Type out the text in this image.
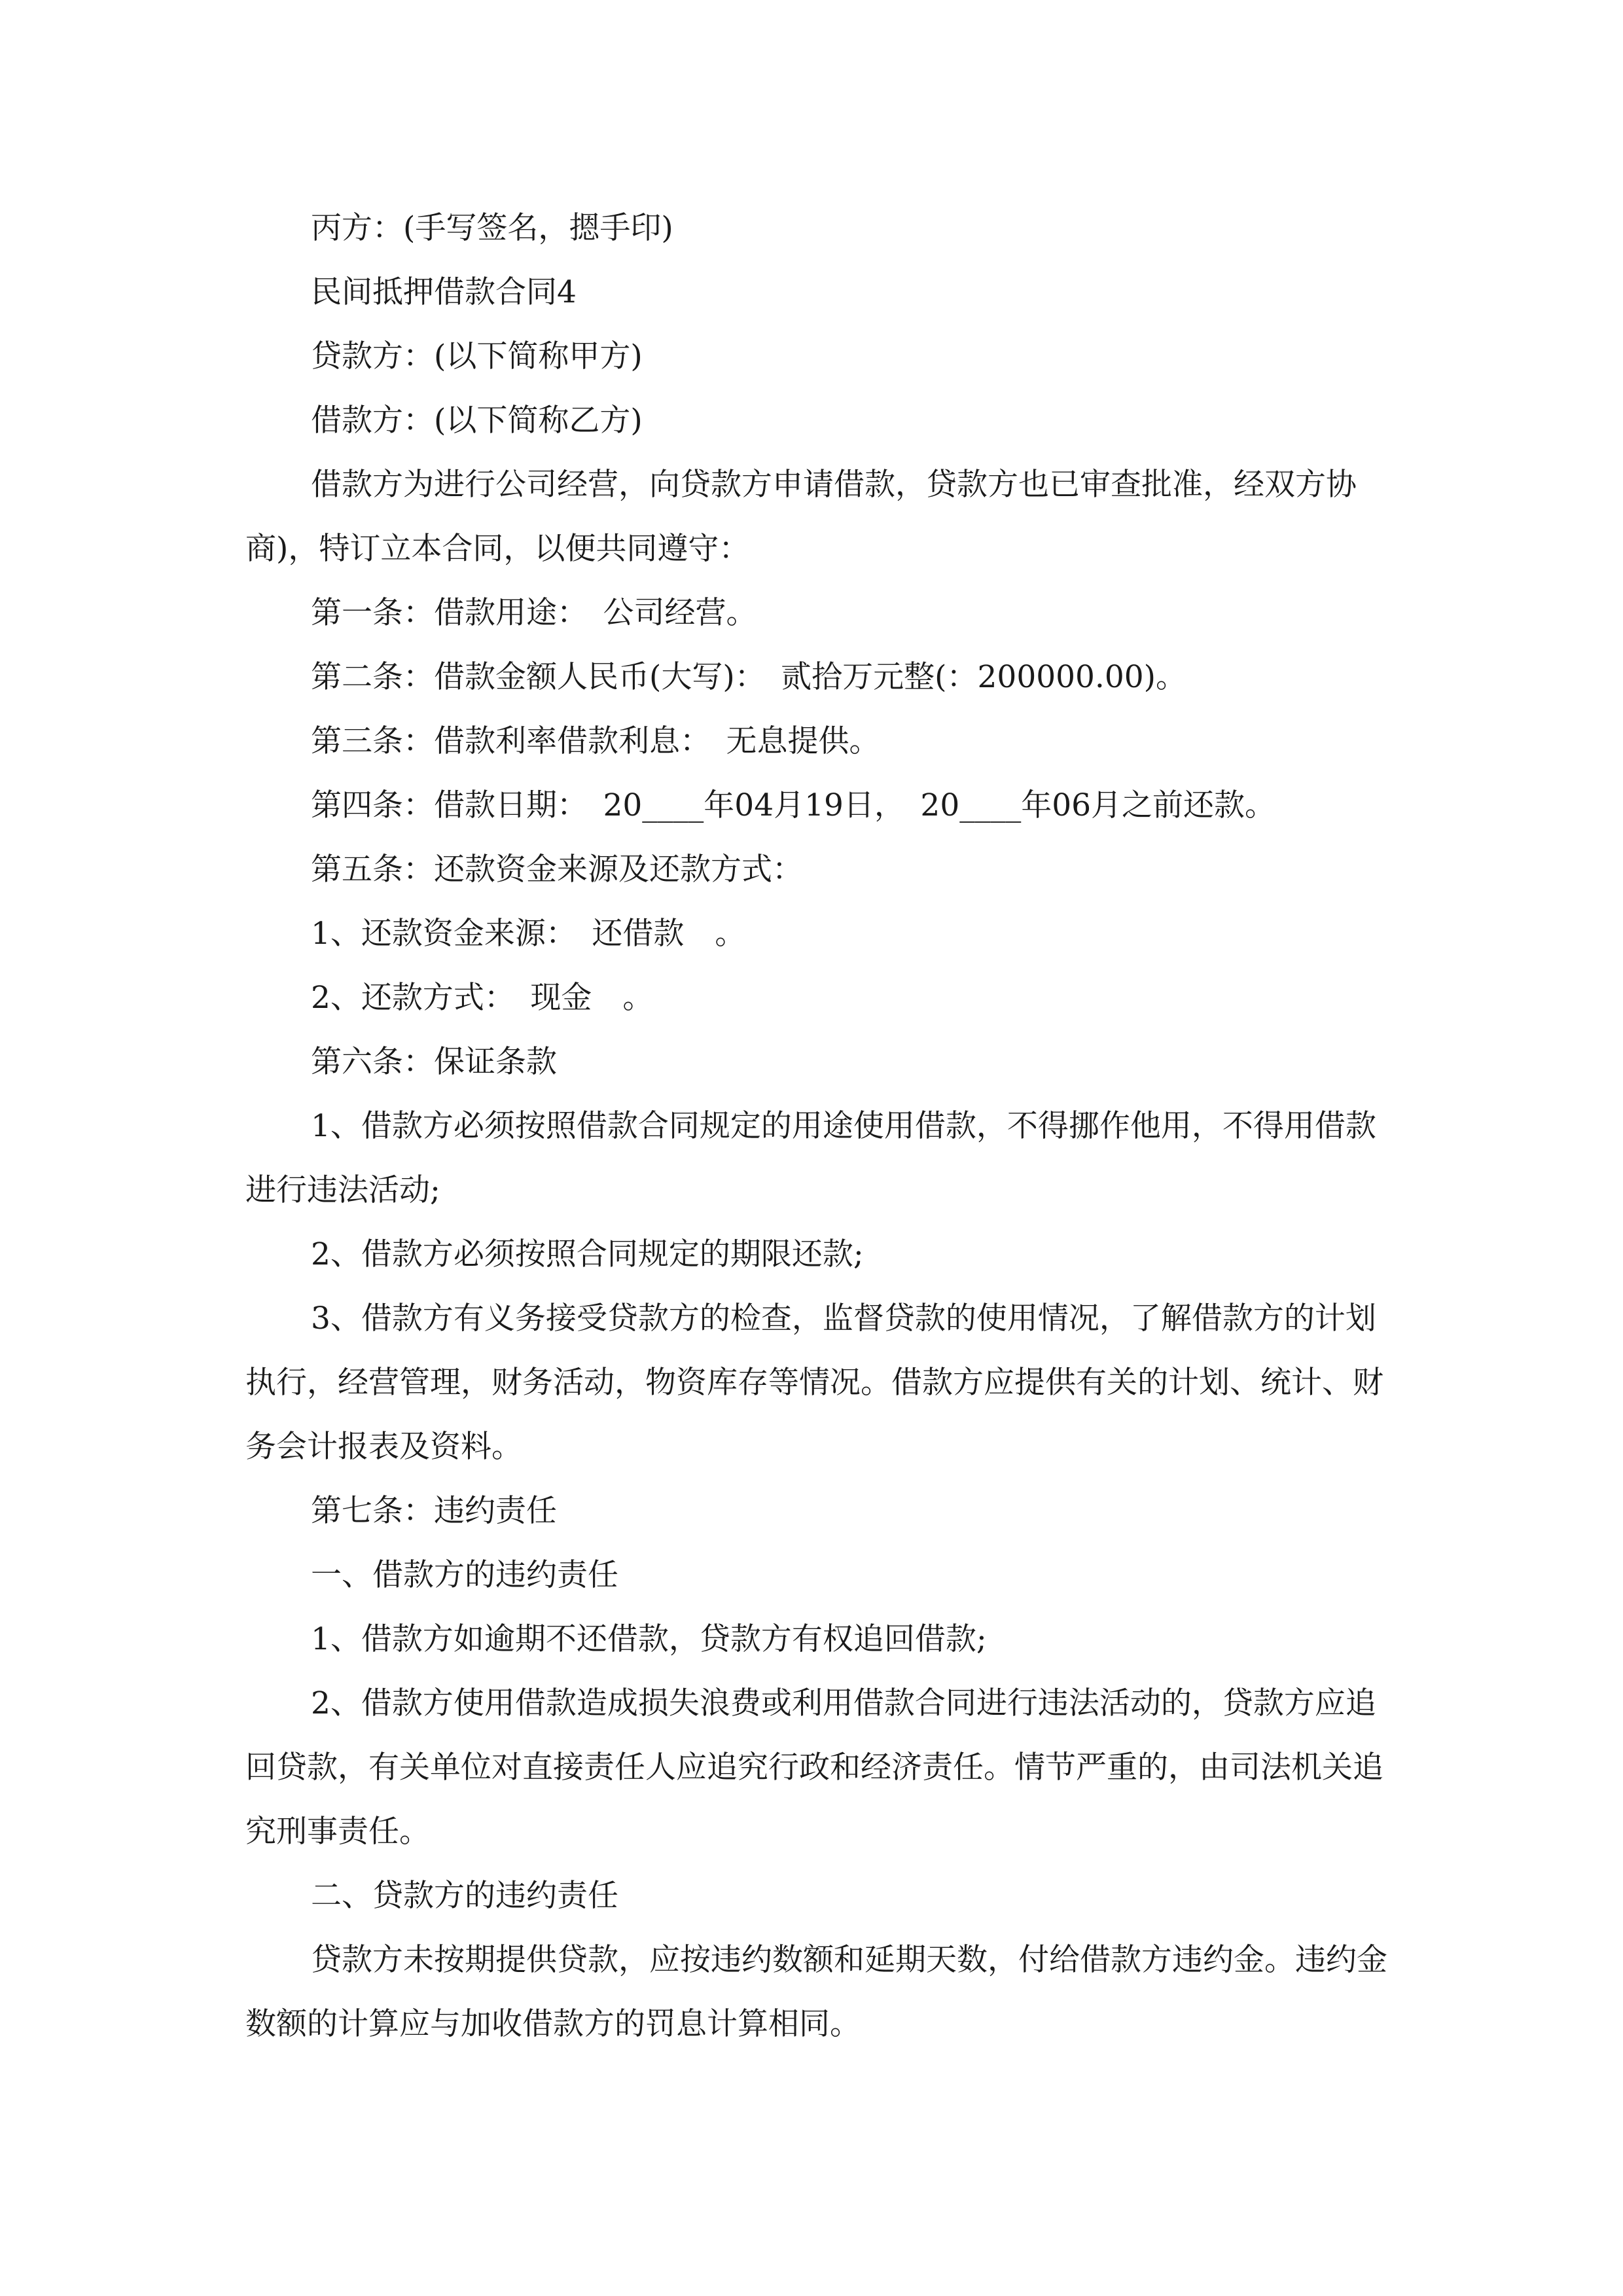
丙方：(手写签名，摁手印)

民间抵押借款合同4

贷款方：(以下简称甲方)

借款方：(以下简称乙方)

借款方为进行公司经营，向贷款方申请借款，贷款方也已审查批准，经双方协商)，特订立本合同，以便共同遵守：

第一条：借款用途：　公司经营。

第二条：借款金额人民币(大写)：　贰拾万元整(：200000.00)。

第三条：借款利率借款利息：　无息提供。

第四条：借款日期：　20____年04月19日，　20____年06月之前还款。

第五条：还款资金来源及还款方式：

1、还款资金来源：　还借款　。

2、还款方式：　现金　。

第六条：保证条款

1、借款方必须按照借款合同规定的用途使用借款，不得挪作他用，不得用借款进行违法活动;

2、借款方必须按照合同规定的期限还款;

3、借款方有义务接受贷款方的检查，监督贷款的使用情况，了解借款方的计划执行，经营管理，财务活动，物资库存等情况。借款方应提供有关的计划、统计、财务会计报表及资料。

第七条：违约责任

一、借款方的违约责任

1、借款方如逾期不还借款，贷款方有权追回借款;

2、借款方使用借款造成损失浪费或利用借款合同进行违法活动的，贷款方应追回贷款，有关单位对直接责任人应追究行政和经济责任。情节严重的，由司法机关追究刑事责任。

二、贷款方的违约责任

贷款方未按期提供贷款，应按违约数额和延期天数，付给借款方违约金。违约金数额的计算应与加收借款方的罚息计算相同。
